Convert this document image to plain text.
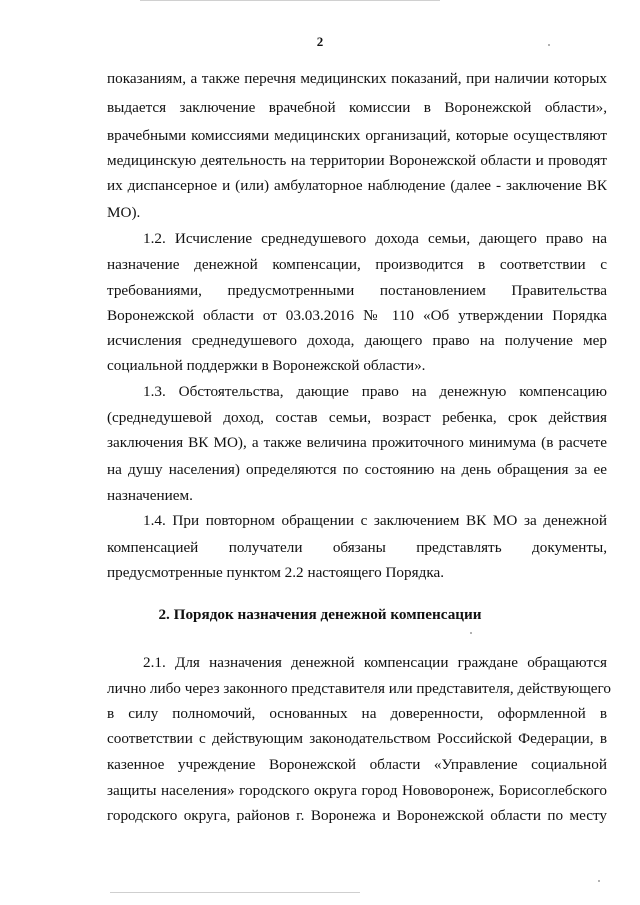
2
показаниям, а также перечня медицинских показаний, при наличии которых
выдается заключение врачебной комиссии в Воронежской области»,
врачебными комиссиями медицинских организаций, которые осуществляют
медицинскую деятельность на территории Воронежской области и проводят
их диспансерное и (или) амбулаторное наблюдение (далее - заключение ВК
МО).
1.2. Исчисление среднедушевого дохода семьи, дающего право на
назначение денежной компенсации, производится в соответствии с
требованиями, предусмотренными постановлением Правительства
Воронежской области от 03.03.2016 № 110 «Об утверждении Порядка
исчисления среднедушевого дохода, дающего право на получение мер
социальной поддержки в Воронежской области».
1.3. Обстоятельства, дающие право на денежную компенсацию
(среднедушевой доход, состав семьи, возраст ребенка, срок действия
заключения ВК МО), а также величина прожиточного минимума (в расчете
на душу населения) определяются по состоянию на день обращения за ее
назначением.
1.4. При повторном обращении с заключением ВК МО за денежной
компенсацией получатели обязаны представлять документы,
предусмотренные пунктом 2.2 настоящего Порядка.
2. Порядок назначения денежной компенсации
2.1. Для назначения денежной компенсации граждане обращаются
лично либо через законного представителя или представителя, действующего
в силу полномочий, основанных на доверенности, оформленной в
соответствии с действующим законодательством Российской Федерации, в
казенное учреждение Воронежской области «Управление социальной
защиты населения» городского округа город Нововоронеж, Борисоглебского
городского округа, районов г. Воронежа и Воронежской области по месту
